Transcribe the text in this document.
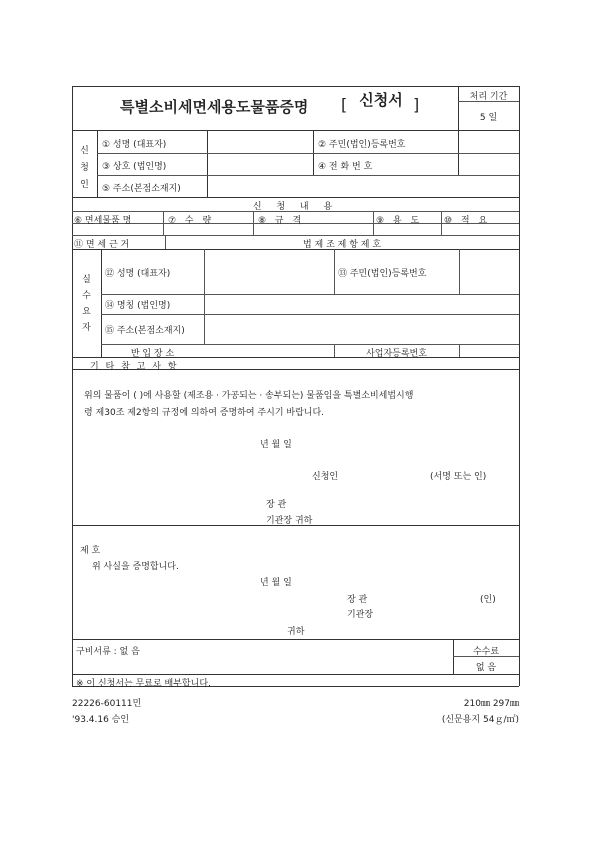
특별소비세면세용도물품증명 [ 신청서 ]	처리 기간
5 일
신
청
인
① 성명 (대표자)	② 주민(법인)등록번호
③ 상호 (법인명)	④ 전 화 번 호
⑤ 주소(본점소재지)
신 청 내 용
⑥ 면세물품 명	⑦ 수 량	⑧ 규 격	⑨ 용 도 ⑩ 적 요
⑪ 면 세 근 거	법 제 조 제 항 제 호
실
수
요
자
⑫ 성명 (대표자)	⑬ 주민(법인)등록번호
⑭ 명칭 (법인명)
⑮ 주소(본점소재지)
반 입 장 소	사업자등록번호
기 타 참 고 사 항
위의 물품이 ( )에 사용할 (제조용 · 가공되는 · 송부되는) 물품임을 특별소비세법시행
령 제30조 제2항의 규정에 의하여 증명하여 주시기 바랍니다.
년 월 일
신청인	(서명 또는 인)
장 관
기관장 귀하
제 호
위 사실을 증명합니다.
년 월 일
장 관	(인)
기관장
귀하
구비서류 : 없 음	수수료
없 음
※ 이 신청서는 무료로 배부합니다.
22226-60111민
'93.4.16 승인
210㎜ 297㎜
(신문용지 54ｇ/㎡)
